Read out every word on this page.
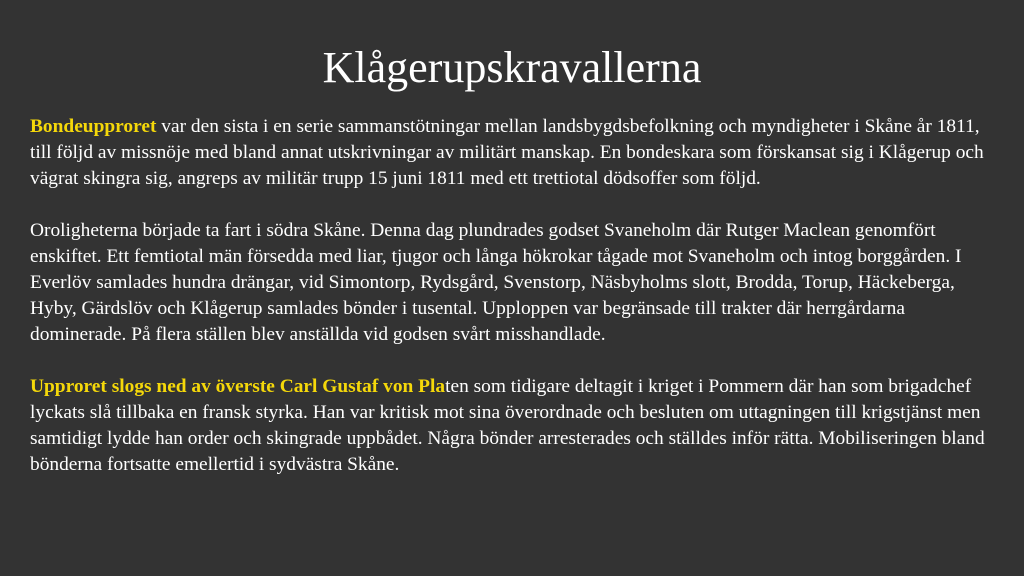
Klågerupskravallerna

Bondeupproret var den sista i en serie sammanstötningar mellan landsbygdsbefolkning och myndigheter i Skåne år 1811, till följd av missnöje med bland annat utskrivningar av militärt manskap. En bondeskara som förskansat sig i Klågerup och vägrat skingra sig, angreps av militär trupp 15 juni 1811 med ett trettiotal dödsoffer som följd.

Oroligheterna började ta fart i södra Skåne. Denna dag plundrades godset Svaneholm där Rutger Maclean genomfört enskiftet. Ett femtiotal män försedda med liar, tjugor och långa hökrokar tågade mot Svaneholm och intog borggården. I Everlöv samlades hundra drängar, vid Simontorp, Rydsgård, Svenstorp, Näsbyholms slott, Brodda, Torup, Häckeberga, Hyby, Gärdslöv och Klågerup samlades bönder i tusental. Upploppen var begränsade till trakter där herrgårdarna dominerade. På flera ställen blev anställda vid godsen svårt misshandlade.

Upproret slogs ned av överste Carl Gustaf von Platen som tidigare deltagit i kriget i Pommern där han som brigadchef lyckats slå tillbaka en fransk styrka. Han var kritisk mot sina överordnade och besluten om uttagningen till krigstjänst men samtidigt lydde han order och skingrade uppbådet. Några bönder arresterades och ställdes inför rätta. Mobiliseringen bland bönderna fortsatte emellertid i sydvästra Skåne.
